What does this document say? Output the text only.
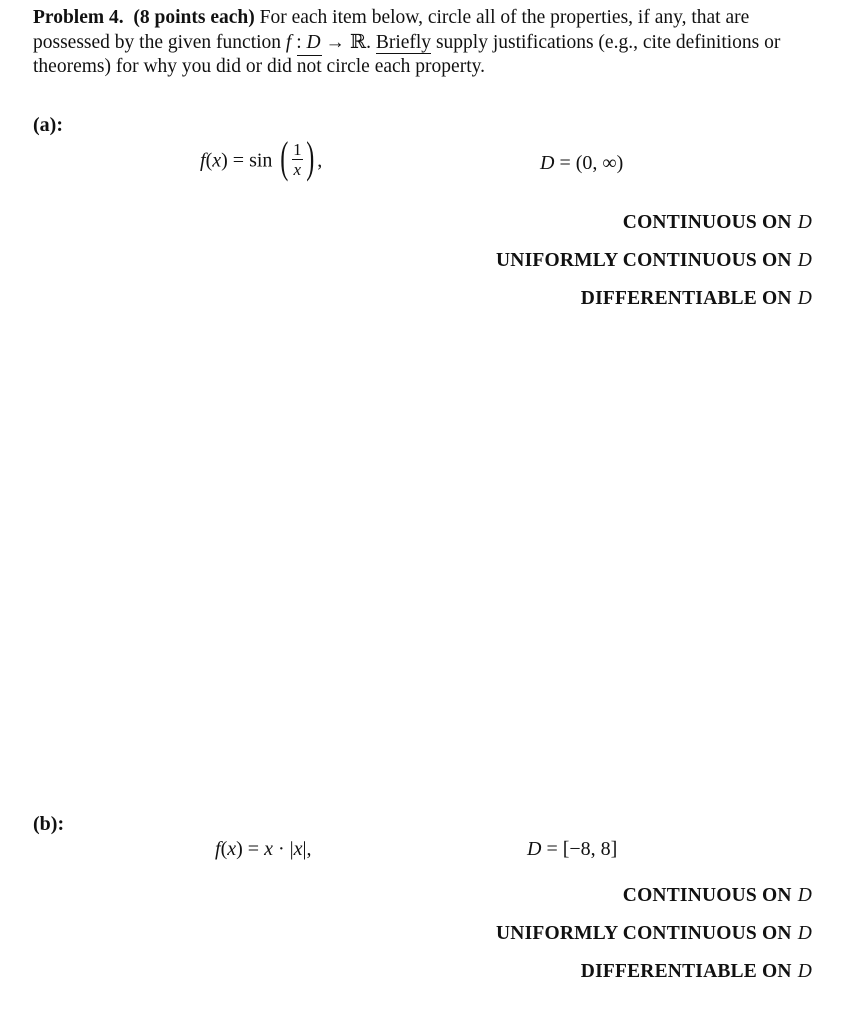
Problem 4. (8 points each) For each item below, circle all of the properties, if any, that are possessed by the given function f : D → ℝ. Briefly supply justifications (e.g., cite definitions or theorems) for why you did or did not circle each property.
(a):
f(x) = sin ( $\frac{1}{x}$ ) ,	D = (0, ∞)
CONTINUOUS ON D
UNIFORMLY CONTINUOUS ON D
DIFFERENTIABLE ON D
(b):
f(x) = x · |x|,	D = [−8, 8]
CONTINUOUS ON D
UNIFORMLY CONTINUOUS ON D
DIFFERENTIABLE ON D
